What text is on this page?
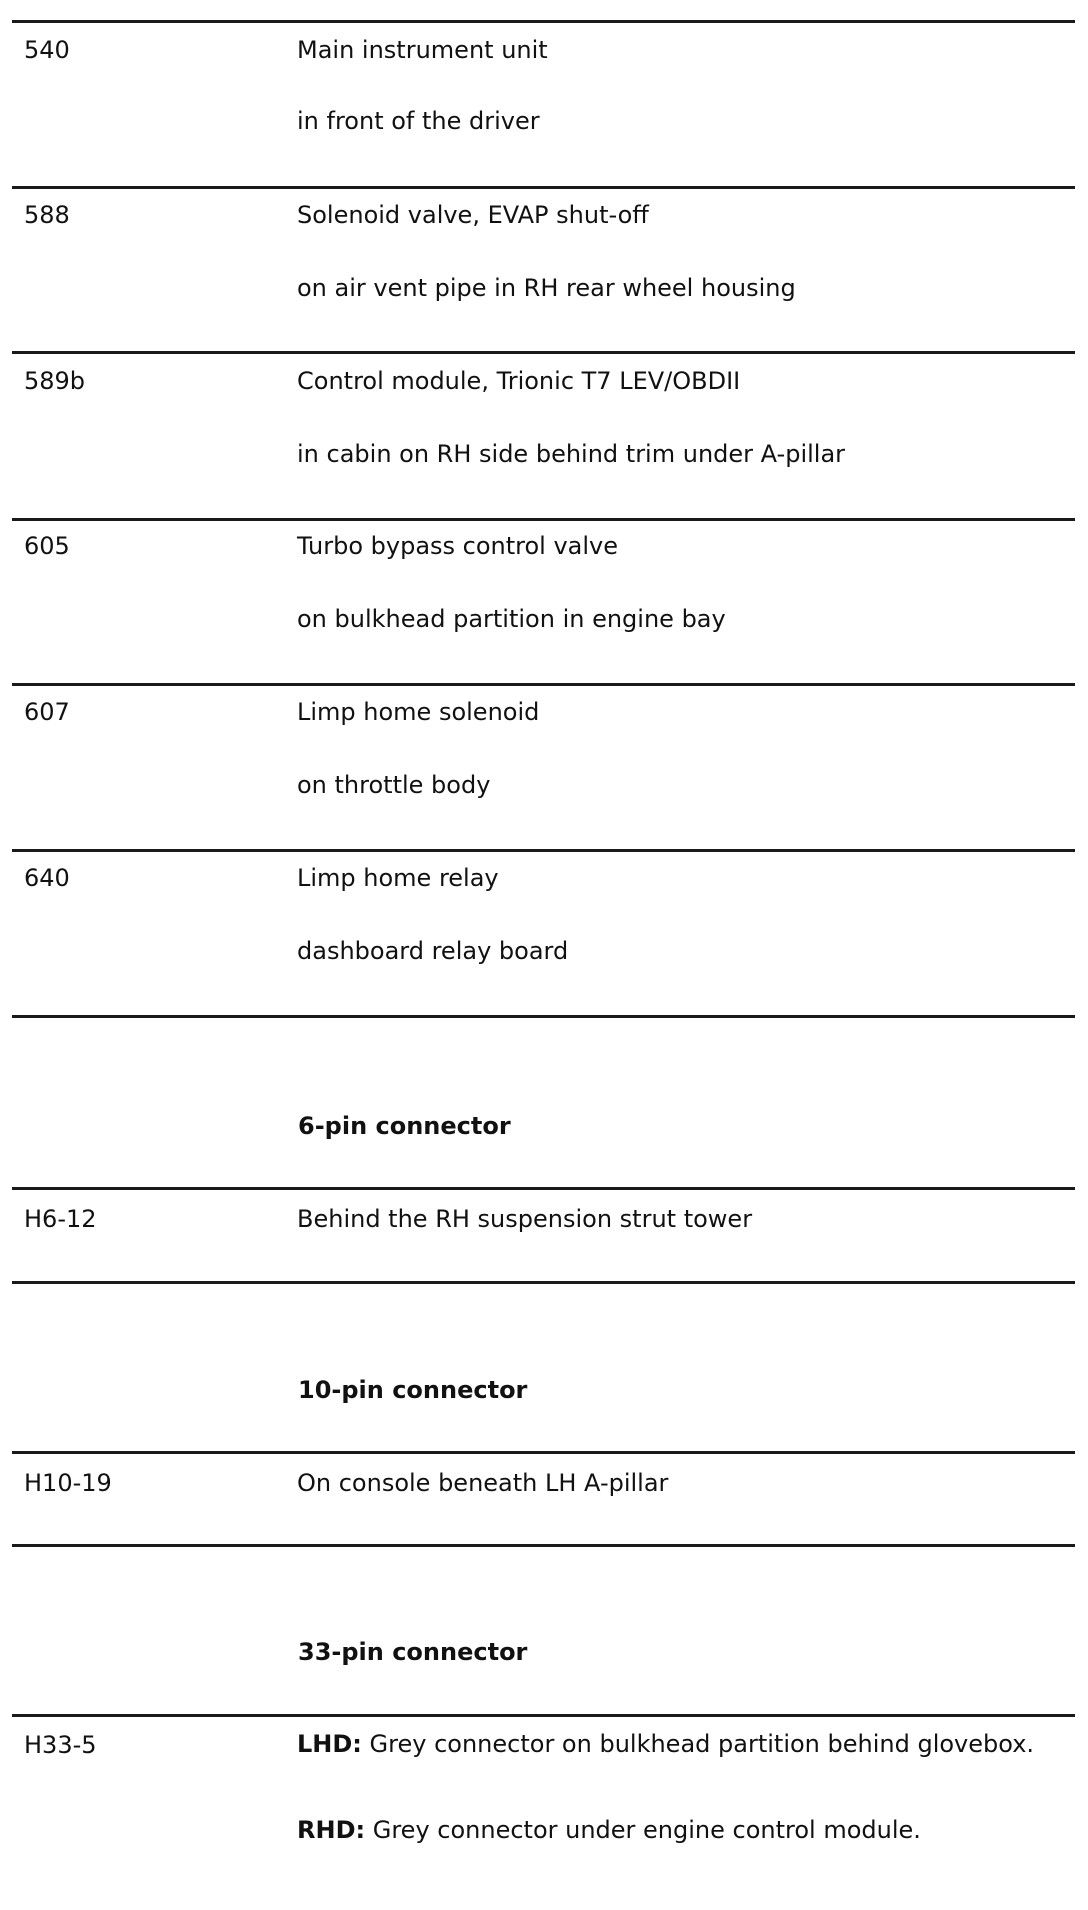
540	Main instrument unit
in front of the driver
588	Solenoid valve, EVAP shut-off
on air vent pipe in RH rear wheel housing
589b	Control module, Trionic T7 LEV/OBDII
in cabin on RH side behind trim under A-pillar
605	Turbo bypass control valve
on bulkhead partition in engine bay
607	Limp home solenoid
on throttle body
640	Limp home relay
dashboard relay board
6-pin connector
H6-12	Behind the RH suspension strut tower
10-pin connector
H10-19	On console beneath LH A-pillar
33-pin connector
H33-5	LHD: Grey connector on bulkhead partition behind glovebox.
RHD: Grey connector under engine control module.
